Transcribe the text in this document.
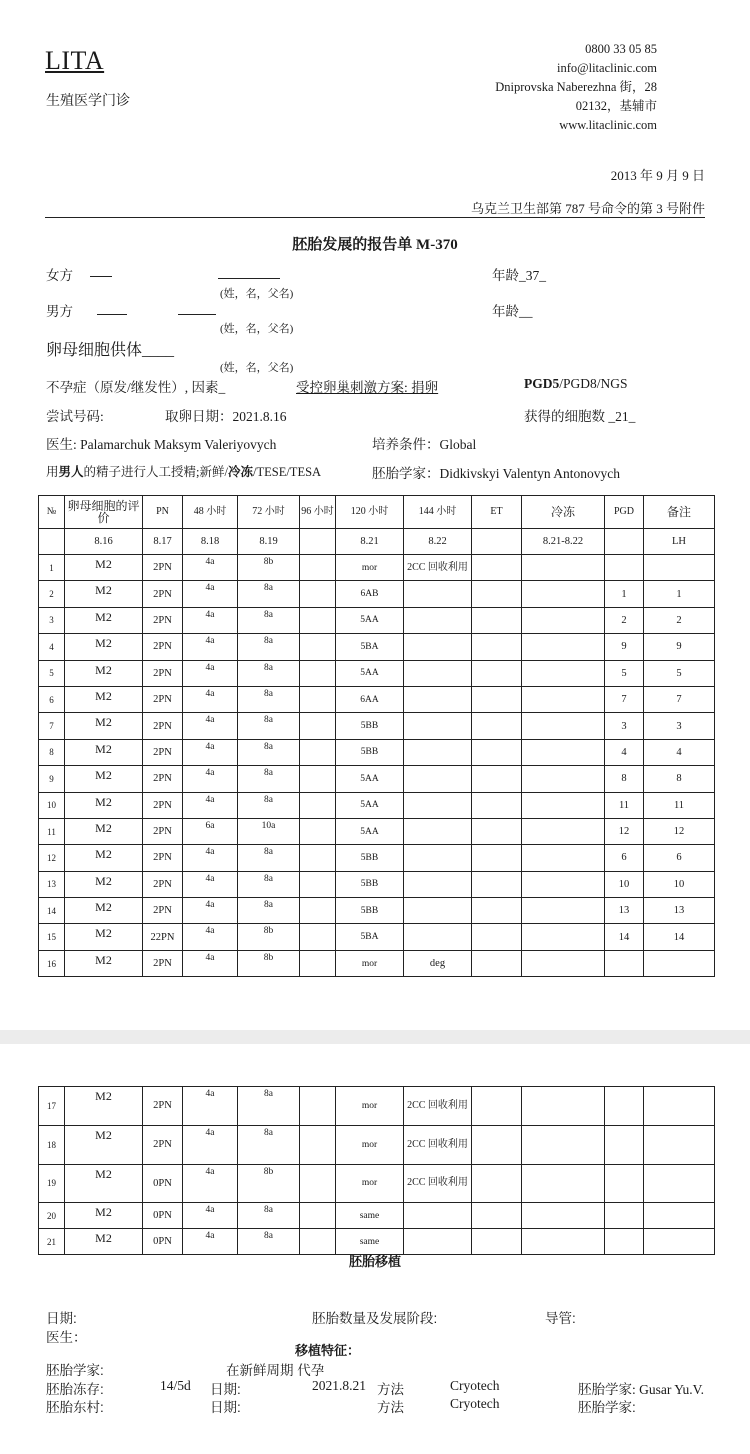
LITA
生殖医学门诊
0800 33 05 85
info@litaclinic.com
Dniprovska Naberezhna 街，28
02132，基辅市
www.litaclinic.com
2013 年 9 月 9 日
乌克兰卫生部第 787 号命令的第 3 号附件
胚胎发展的报告单 M-370
女方
(姓，名，父名)
年龄_37_
男方
(姓，名，父名)
年龄__
卵母细胞供体____
(姓，名，父名)
不孕症（原发/继发性）, 因素_	受控卵巢刺激方案: 捐卵	PGD5/PGD8/NGS
尝试号码:	取卵日期：2021.8.16	获得的细胞数 _21_
医生: Palamarchuk Maksym Valeriyovych	培养条件：Global
用男人的精子进行人工授精;新鲜/冷冻/TESE/TESA	胚胎学家：Didkivskyi Valentyn Antonovych
№	卵母细胞的评价	PN	48 小时	72 小时	96 小时	120 小时	144 小时	ET	冷冻	PGD	备注
	8.16	8.17	8.18	8.19		8.21	8.22		8.21-8.22		LH
1	M2	2PN	4a	8b		mor	2CC 回收利用				
2	M2	2PN	4a	8a		6AB				1	1
3	M2	2PN	4a	8a		5AA				2	2
4	M2	2PN	4a	8a		5BA				9	9
5	M2	2PN	4a	8a		5AA				5	5
6	M2	2PN	4a	8a		6AA				7	7
7	M2	2PN	4a	8a		5BB				3	3
8	M2	2PN	4a	8a		5BB				4	4
9	M2	2PN	4a	8a		5AA				8	8
10	M2	2PN	4a	8a		5AA				11	11
11	M2	2PN	6a	10a		5AA				12	12
12	M2	2PN	4a	8a		5BB				6	6
13	M2	2PN	4a	8a		5BB				10	10
14	M2	2PN	4a	8a		5BB				13	13
15	M2	22PN	4a	8b		5BA				14	14
16	M2	2PN	4a	8b		mor	deg				
17	M2	2PN	4a	8a		mor	2CC 回收利用				
18	M2	2PN	4a	8a		mor	2CC 回收利用				
19	M2	0PN	4a	8b		mor	2CC 回收利用				
20	M2	0PN	4a	8a		same					
21	M2	0PN	4a	8a		same					
胚胎移植
日期:	胚胎数量及发展阶段:	导管:
医生：
移植特征：
胚胎学家:	在新鲜周期 代孕
胚胎冻存:	14/5d 日期:	2021.8.21 方法	Cryotech	胚胎学家: Gusar Yu.V.
胚胎东村:	日期:	方法	Cryotech	胚胎学家:
